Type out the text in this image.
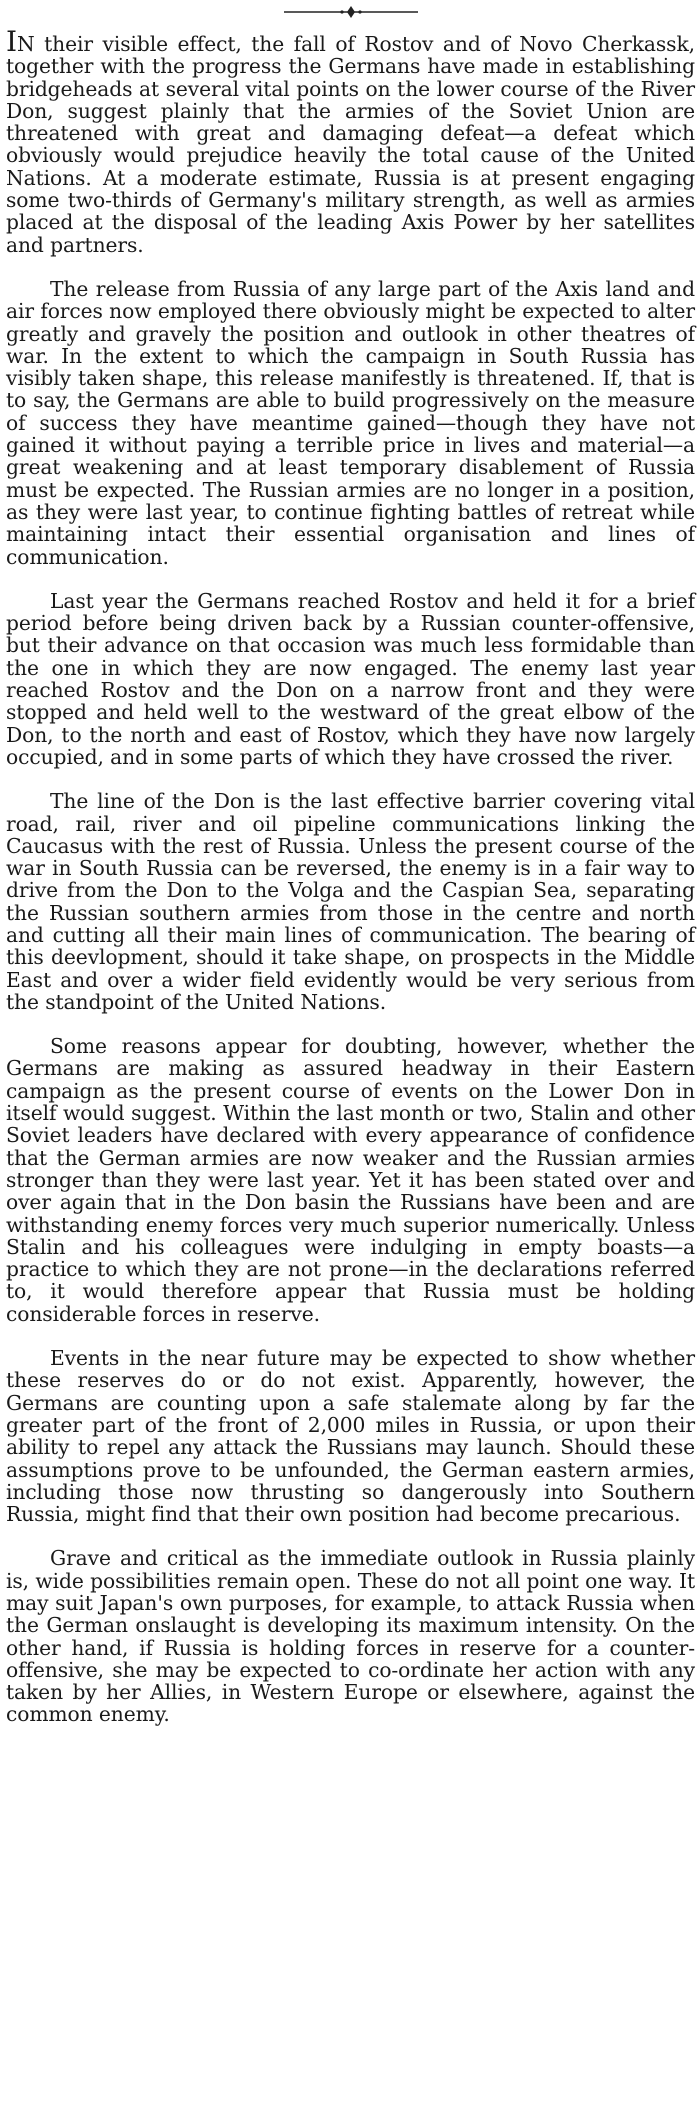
IN their visible effect, the fall of Rostov and of Novo Cherkassk, together with the progress the Germans have made in establishing bridgeheads at several vital points on the lower course of the River Don, suggest plainly that the armies of the Soviet Union are threatened with great and damaging defeat—a defeat which obviously would prejudice heavily the total cause of the United Nations. At a moderate estimate, Russia is at present engaging some two-thirds of Germany's military strength, as well as armies placed at the disposal of the leading Axis Power by her satellites and partners.

The release from Russia of any large part of the Axis land and air forces now employed there obviously might be expected to alter greatly and gravely the position and outlook in other theatres of war. In the extent to which the campaign in South Russia has visibly taken shape, this release manifestly is threatened. If, that is to say, the Germans are able to build progressively on the measure of success they have meantime gained—though they have not gained it without paying a terrible price in lives and material—a great weakening and at least temporary disablement of Russia must be expected. The Russian armies are no longer in a position, as they were last year, to continue fighting battles of retreat while maintaining intact their essential organisation and lines of communication.

Last year the Germans reached Rostov and held it for a brief period before being driven back by a Russian counter-offensive, but their advance on that occasion was much less formidable than the one in which they are now engaged. The enemy last year reached Rostov and the Don on a narrow front and they were stopped and held well to the westward of the great elbow of the Don, to the north and east of Rostov, which they have now largely occupied, and in some parts of which they have crossed the river.

The line of the Don is the last effective barrier covering vital road, rail, river and oil pipeline communications linking the Caucasus with the rest of Russia. Unless the present course of the war in South Russia can be reversed, the enemy is in a fair way to drive from the Don to the Volga and the Caspian Sea, separating the Russian southern armies from those in the centre and north and cutting all their main lines of communication. The bearing of this deevlopment, should it take shape, on prospects in the Middle East and over a wider field evidently would be very serious from the standpoint of the United Nations.

Some reasons appear for doubting, however, whether the Germans are making as assured headway in their Eastern campaign as the present course of events on the Lower Don in itself would suggest. Within the last month or two, Stalin and other Soviet leaders have declared with every appearance of confidence that the German armies are now weaker and the Russian armies stronger than they were last year. Yet it has been stated over and over again that in the Don basin the Russians have been and are withstanding enemy forces very much superior numerically. Unless Stalin and his colleagues were indulging in empty boasts—a practice to which they are not prone—in the declarations referred to, it would therefore appear that Russia must be holding considerable forces in reserve.

Events in the near future may be expected to show whether these reserves do or do not exist. Apparently, however, the Germans are counting upon a safe stalemate along by far the greater part of the front of 2,000 miles in Russia, or upon their ability to repel any attack the Russians may launch. Should these assumptions prove to be unfounded, the German eastern armies, including those now thrusting so dangerously into Southern Russia, might find that their own position had become precarious.

Grave and critical as the immediate outlook in Russia plainly is, wide possibilities remain open. These do not all point one way. It may suit Japan's own purposes, for example, to attack Russia when the German onslaught is developing its maximum intensity. On the other hand, if Russia is holding forces in reserve for a counter-offensive, she may be expected to co-ordinate her action with any taken by her Allies, in Western Europe or elsewhere, against the common enemy.
